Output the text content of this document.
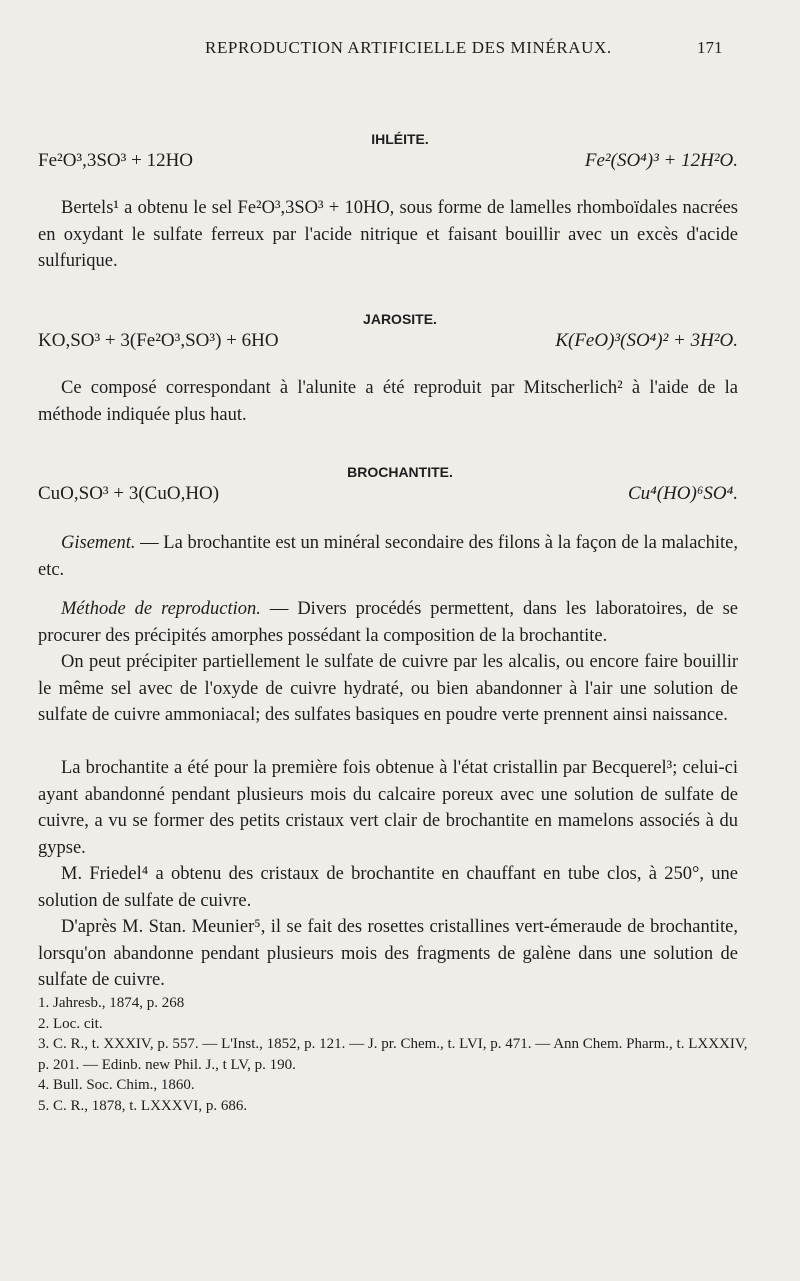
REPRODUCTION ARTIFICIELLE DES MINÉRAUX.	171
IHLÉITE.
Fe²O³,3SO³ + 12HO	Fe²(SO⁴)³ + 12H²O.
Bertels¹ a obtenu le sel Fe²O³,3SO³ + 10HO, sous forme de lamelles rhomboïdales nacrées en oxydant le sulfate ferreux par l'acide nitrique et faisant bouillir avec un excès d'acide sulfurique.
JAROSITE.
KO,SO³ + 3(Fe²O³,SO³) + 6HO	K(FeO)³(SO⁴)² + 3H²O.
Ce composé correspondant à l'alunite a été reproduit par Mitscherlich² à l'aide de la méthode indiquée plus haut.
BROCHANTITE.
CuO,SO³ + 3(CuO,HO)	Cu⁴(HO)⁶SO⁴.
Gisement. — La brochantite est un minéral secondaire des filons à la façon de la malachite, etc.
Méthode de reproduction. — Divers procédés permettent, dans les laboratoires, de se procurer des précipités amorphes possédant la composition de la brochantite.
On peut précipiter partiellement le sulfate de cuivre par les alcalis, ou encore faire bouillir le même sel avec de l'oxyde de cuivre hydraté, ou bien abandonner à l'air une solution de sulfate de cuivre ammoniacal; des sulfates basiques en poudre verte prennent ainsi naissance.
La brochantite a été pour la première fois obtenue à l'état cristallin par Becquerel³; celui-ci ayant abandonné pendant plusieurs mois du calcaire poreux avec une solution de sulfate de cuivre, a vu se former des petits cristaux vert clair de brochantite en mamelons associés à du gypse.
M. Friedel⁴ a obtenu des cristaux de brochantite en chauffant en tube clos, à 250°, une solution de sulfate de cuivre.
D'après M. Stan. Meunier⁵, il se fait des rosettes cristallines vert-émeraude de brochantite, lorsqu'on abandonne pendant plusieurs mois des fragments de galène dans une solution de sulfate de cuivre.
1. Jahresb., 1874, p. 268
2. Loc. cit.
3. C. R., t. XXXIV, p. 557. — L'Inst., 1852, p. 121. — J. pr. Chem., t. LVI, p. 471. — Ann Chem. Pharm., t. LXXXIV, p. 201. — Edinb. new Phil. J., t LV, p. 190.
4. Bull. Soc. Chim., 1860.
5. C. R., 1878, t. LXXXVI, p. 686.
